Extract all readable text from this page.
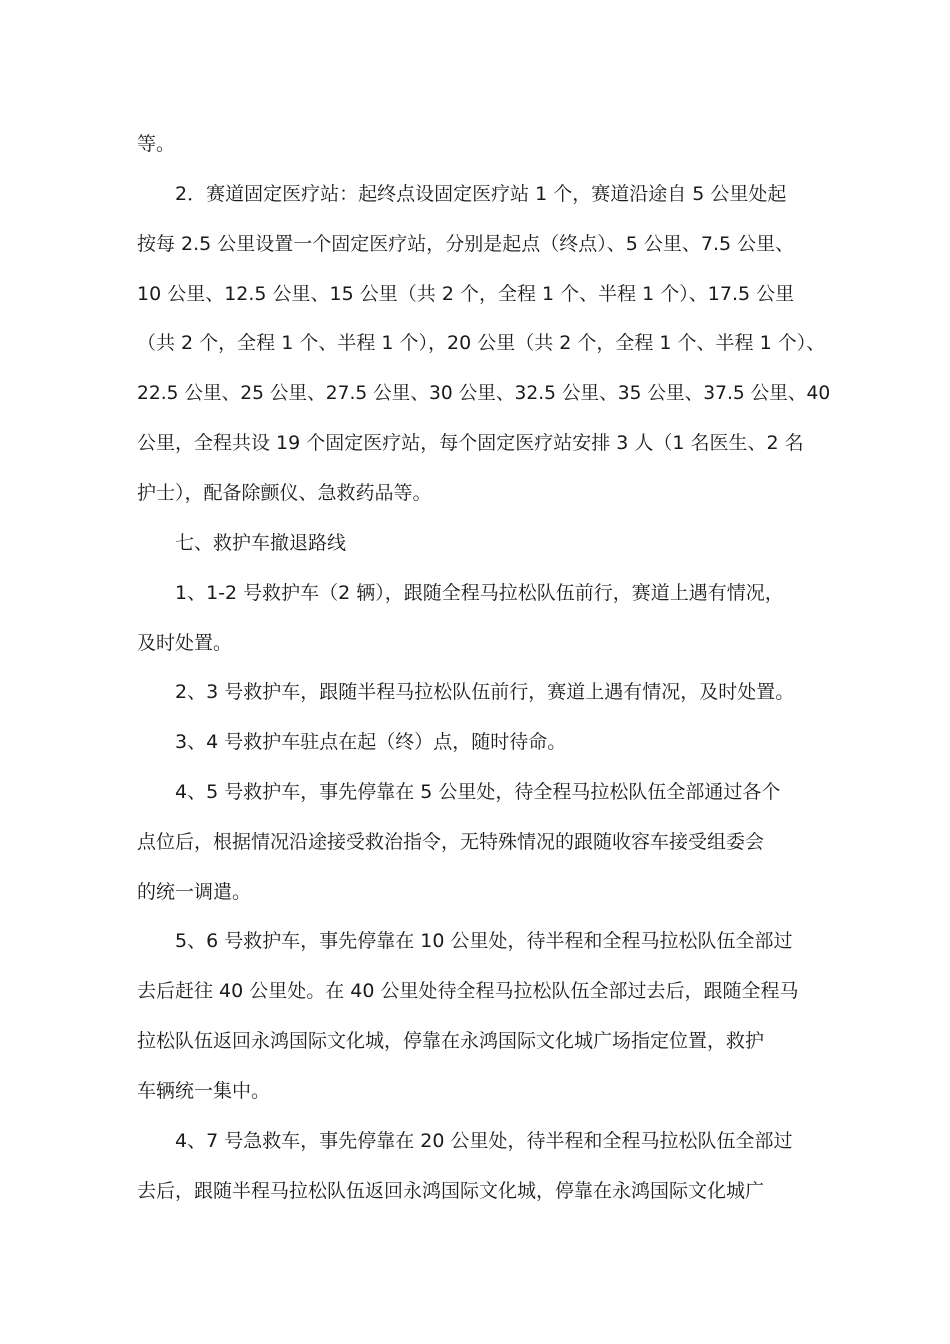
等。

2．赛道固定医疗站：起终点设固定医疗站 1 个，赛道沿途自 5 公里处起

按每 2.5 公里设置一个固定医疗站，分别是起点（终点）、5 公里、7.5 公里、

10 公里、12.5 公里、15 公里（共 2 个，全程 1 个、半程 1 个）、17.5 公里

（共 2 个，全程 1 个、半程 1 个），20 公里（共 2 个，全程 1 个、半程 1 个）、

22.5 公里、25 公里、27.5 公里、30 公里、32.5 公里、35 公里、37.5 公里、40

公里，全程共设 19 个固定医疗站，每个固定医疗站安排 3 人（1 名医生、2 名

护士），配备除颤仪、急救药品等。

七、救护车撤退路线

1、1-2 号救护车（2 辆），跟随全程马拉松队伍前行，赛道上遇有情况，

及时处置。

2、3 号救护车，跟随半程马拉松队伍前行，赛道上遇有情况，及时处置。

3、4 号救护车驻点在起（终）点，随时待命。

4、5 号救护车，事先停靠在 5 公里处，待全程马拉松队伍全部通过各个

点位后，根据情况沿途接受救治指令，无特殊情况的跟随收容车接受组委会

的统一调遣。

5、6 号救护车，事先停靠在 10 公里处，待半程和全程马拉松队伍全部过

去后赶往 40 公里处。在 40 公里处待全程马拉松队伍全部过去后，跟随全程马

拉松队伍返回永鸿国际文化城，停靠在永鸿国际文化城广场指定位置，救护

车辆统一集中。

4、7 号急救车，事先停靠在 20 公里处，待半程和全程马拉松队伍全部过

去后，跟随半程马拉松队伍返回永鸿国际文化城，停靠在永鸿国际文化城广
